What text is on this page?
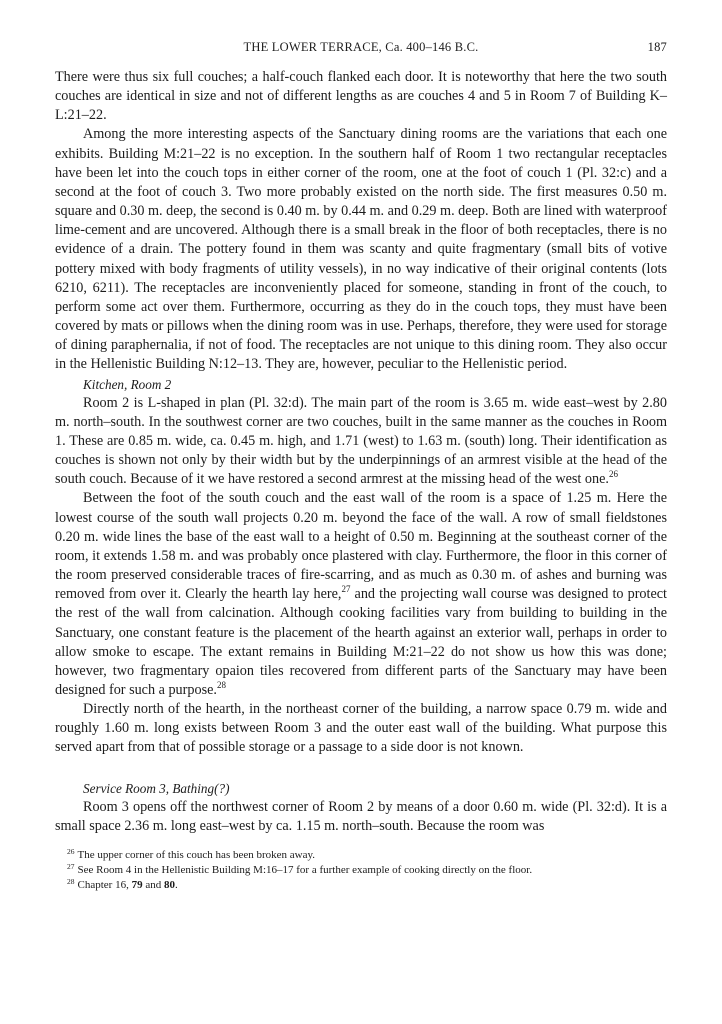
THE LOWER TERRACE, Ca. 400–146 B.C.	187

There were thus six full couches; a half-couch flanked each door. It is noteworthy that here the two south couches are identical in size and not of different lengths as are couches 4 and 5 in Room 7 of Building K–L:21–22.

Among the more interesting aspects of the Sanctuary dining rooms are the variations that each one exhibits. Building M:21–22 is no exception. In the southern half of Room 1 two rectangular receptacles have been let into the couch tops in either corner of the room, one at the foot of couch 1 (Pl. 32:c) and a second at the foot of couch 3. Two more probably existed on the north side. The first measures 0.50 m. square and 0.30 m. deep, the second is 0.40 m. by 0.44 m. and 0.29 m. deep. Both are lined with waterproof lime-cement and are uncovered. Although there is a small break in the floor of both receptacles, there is no evidence of a drain. The pottery found in them was scanty and quite fragmentary (small bits of votive pottery mixed with body fragments of utility vessels), in no way indicative of their original contents (lots 6210, 6211). The receptacles are inconveniently placed for someone, standing in front of the couch, to perform some act over them. Furthermore, occurring as they do in the couch tops, they must have been covered by mats or pillows when the dining room was in use. Perhaps, therefore, they were used for storage of dining paraphernalia, if not of food. The receptacles are not unique to this dining room. They also occur in the Hellenistic Building N:12–13. They are, however, peculiar to the Hellenistic period.

Kitchen, Room 2

Room 2 is L-shaped in plan (Pl. 32:d). The main part of the room is 3.65 m. wide east–west by 2.80 m. north–south. In the southwest corner are two couches, built in the same manner as the couches in Room 1. These are 0.85 m. wide, ca. 0.45 m. high, and 1.71 (west) to 1.63 m. (south) long. Their identification as couches is shown not only by their width but by the underpinnings of an armrest visible at the head of the south couch. Because of it we have restored a second armrest at the missing head of the west one.$^{26}$

Between the foot of the south couch and the east wall of the room is a space of 1.25 m. Here the lowest course of the south wall projects 0.20 m. beyond the face of the wall. A row of small fieldstones 0.20 m. wide lines the base of the east wall to a height of 0.50 m. Beginning at the southeast corner of the room, it extends 1.58 m. and was probably once plastered with clay. Furthermore, the floor in this corner of the room preserved considerable traces of fire-scarring, and as much as 0.30 m. of ashes and burning was removed from over it. Clearly the hearth lay here,$^{27}$ and the projecting wall course was designed to protect the rest of the wall from calcination. Although cooking facilities vary from building to building in the Sanctuary, one constant feature is the placement of the hearth against an exterior wall, perhaps in order to allow smoke to escape. The extant remains in Building M:21–22 do not show us how this was done; however, two fragmentary opaion tiles recovered from different parts of the Sanctuary may have been designed for such a purpose.$^{28}$

Directly north of the hearth, in the northeast corner of the building, a narrow space 0.79 m. wide and roughly 1.60 m. long exists between Room 3 and the outer east wall of the building. What purpose this served apart from that of possible storage or a passage to a side door is not known.

Service Room 3, Bathing(?)

Room 3 opens off the northwest corner of Room 2 by means of a door 0.60 m. wide (Pl. 32:d). It is a small space 2.36 m. long east–west by ca. 1.15 m. north–south. Because the room was

$^{26}$ The upper corner of this couch has been broken away.
$^{27}$ See Room 4 in the Hellenistic Building M:16–17 for a further example of cooking directly on the floor.
$^{28}$ Chapter 16, 79 and 80.
